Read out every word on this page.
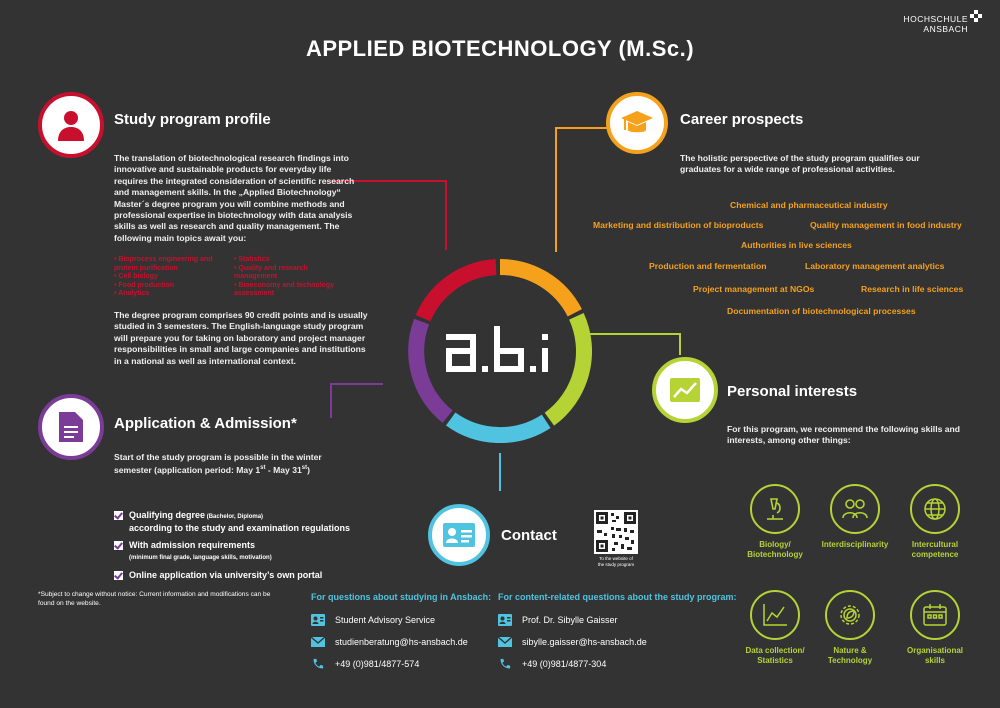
APPLIED BIOTECHNOLOGY (M.Sc.)
HOCHSCHULE
ANSBACH
Study program profile
The translation of biotechnological research findings into innovative and sustainable products for everyday life requires the integrated consideration of scientific research and management skills. In the „Applied Biotechnology“ Master´s degree program you will combine methods and professional expertise in biotechnology with data analysis skills as well as research and quality management. The following main topics await you:
• Bioprocess engineering and protein purification
• Cell biology
• Food production
• Analytics
• Statistics
• Quality and research management
• Bioeconomy and technology assessment
The degree program comprises 90 credit points and is usually studied in 3 semesters. The English-language study program will prepare you for taking on laboratory and project manager responsibilities in small and large companies and institutions in a national as well as international context.
Application & Admission*
Start of the study program is possible in the winter
semester (application period: May 1st - May 31st)
Qualifying degree (Bachelor, Diploma)
according to the study and examination regulations
With admission requirements
(minimum final grade, language skills, motivation)
Online application via university’s own portal
*Subject to change without notice: Current information and modifications can be found on the website.
Career prospects
The holistic perspective of the study program qualifies our graduates for a wide range of professional activities.
Chemical and pharmaceutical industry
Marketing and distribution of bioproducts	Quality management in food industry
Authorities in live sciences
Production and fermentation	Laboratory management analytics
Project management at NGOs	Research in life sciences
Documentation of biotechnological processes
Personal interests
For this program, we recommend the following skills and interests, among other things:
Biology/
Biotechnology
Interdisciplinarity	Intercultural
competence
Data collection/
Statistics
Nature &
Technology
Organisational
skills
Contact
To the website of
the study program
For questions about studying in Ansbach:
Student Advisory Service
studienberatung@hs-ansbach.de
+49 (0)981/4877-574
For content-related questions about the study program:
Prof. Dr. Sibylle Gaisser
sibylle.gaisser@hs-ansbach.de
+49 (0)981/4877-304
